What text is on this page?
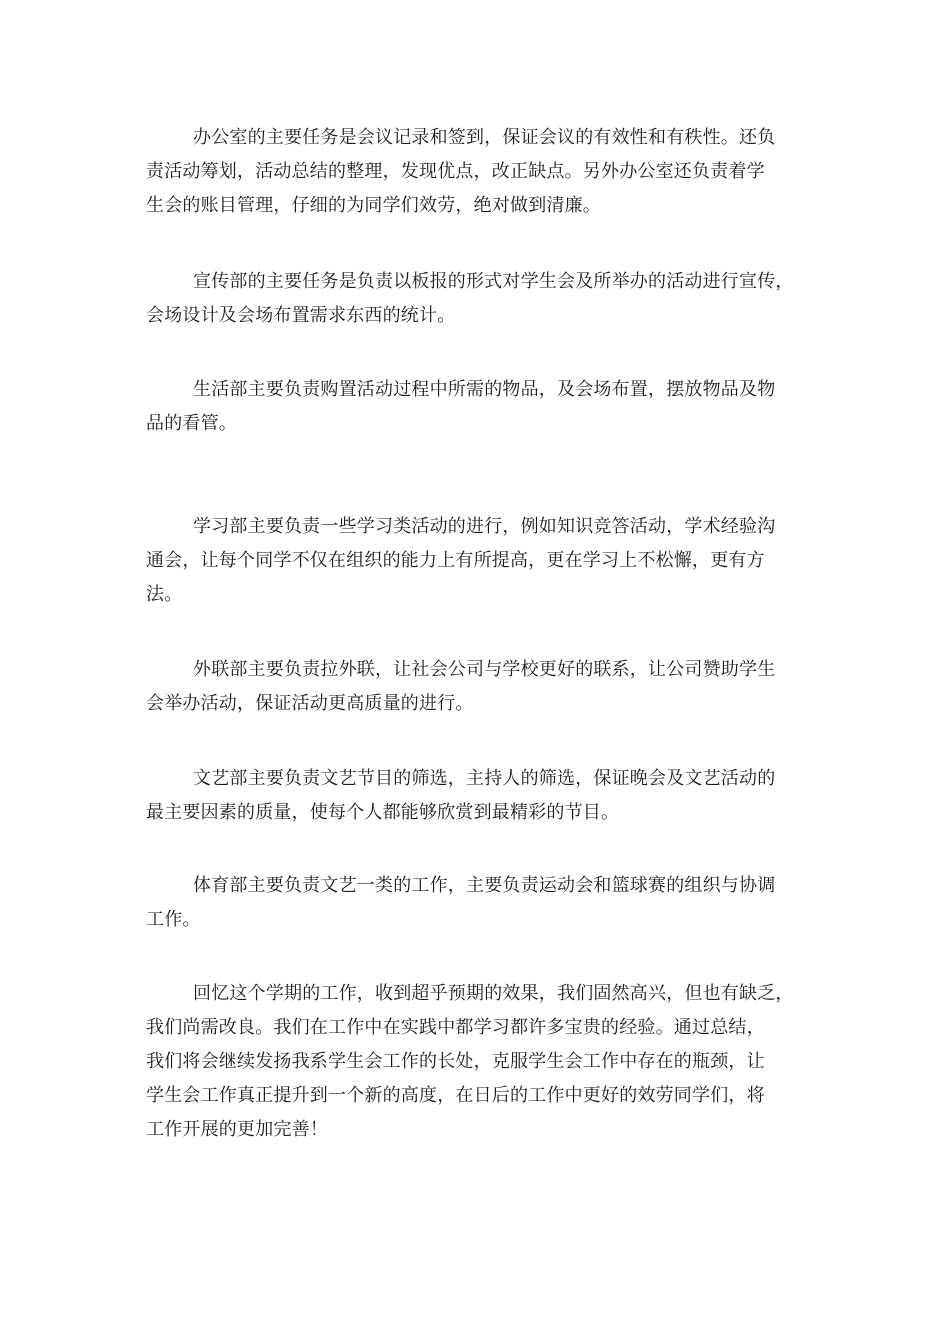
办公室的主要任务是会议记录和签到，保证会议的有效性和有秩性。还负
责活动筹划，活动总结的整理，发现优点，改正缺点。另外办公室还负责着学
生会的账目管理，仔细的为同学们效劳，绝对做到清廉。
宣传部的主要任务是负责以板报的形式对学生会及所举办的活动进行宣传，
会场设计及会场布置需求东西的统计。
生活部主要负责购置活动过程中所需的物品，及会场布置，摆放物品及物
品的看管。
学习部主要负责一些学习类活动的进行，例如知识竞答活动，学术经验沟
通会，让每个同学不仅在组织的能力上有所提高，更在学习上不松懈，更有方
法。
外联部主要负责拉外联，让社会公司与学校更好的联系，让公司赞助学生
会举办活动，保证活动更高质量的进行。
文艺部主要负责文艺节目的筛选，主持人的筛选，保证晚会及文艺活动的
最主要因素的质量，使每个人都能够欣赏到最精彩的节目。
体育部主要负责文艺一类的工作，主要负责运动会和篮球赛的组织与协调
工作。
回忆这个学期的工作，收到超乎预期的效果，我们固然高兴，但也有缺乏，
我们尚需改良。我们在工作中在实践中都学习都许多宝贵的经验。通过总结，
我们将会继续发扬我系学生会工作的长处，克服学生会工作中存在的瓶颈，让
学生会工作真正提升到一个新的高度，在日后的工作中更好的效劳同学们，将
工作开展的更加完善！
